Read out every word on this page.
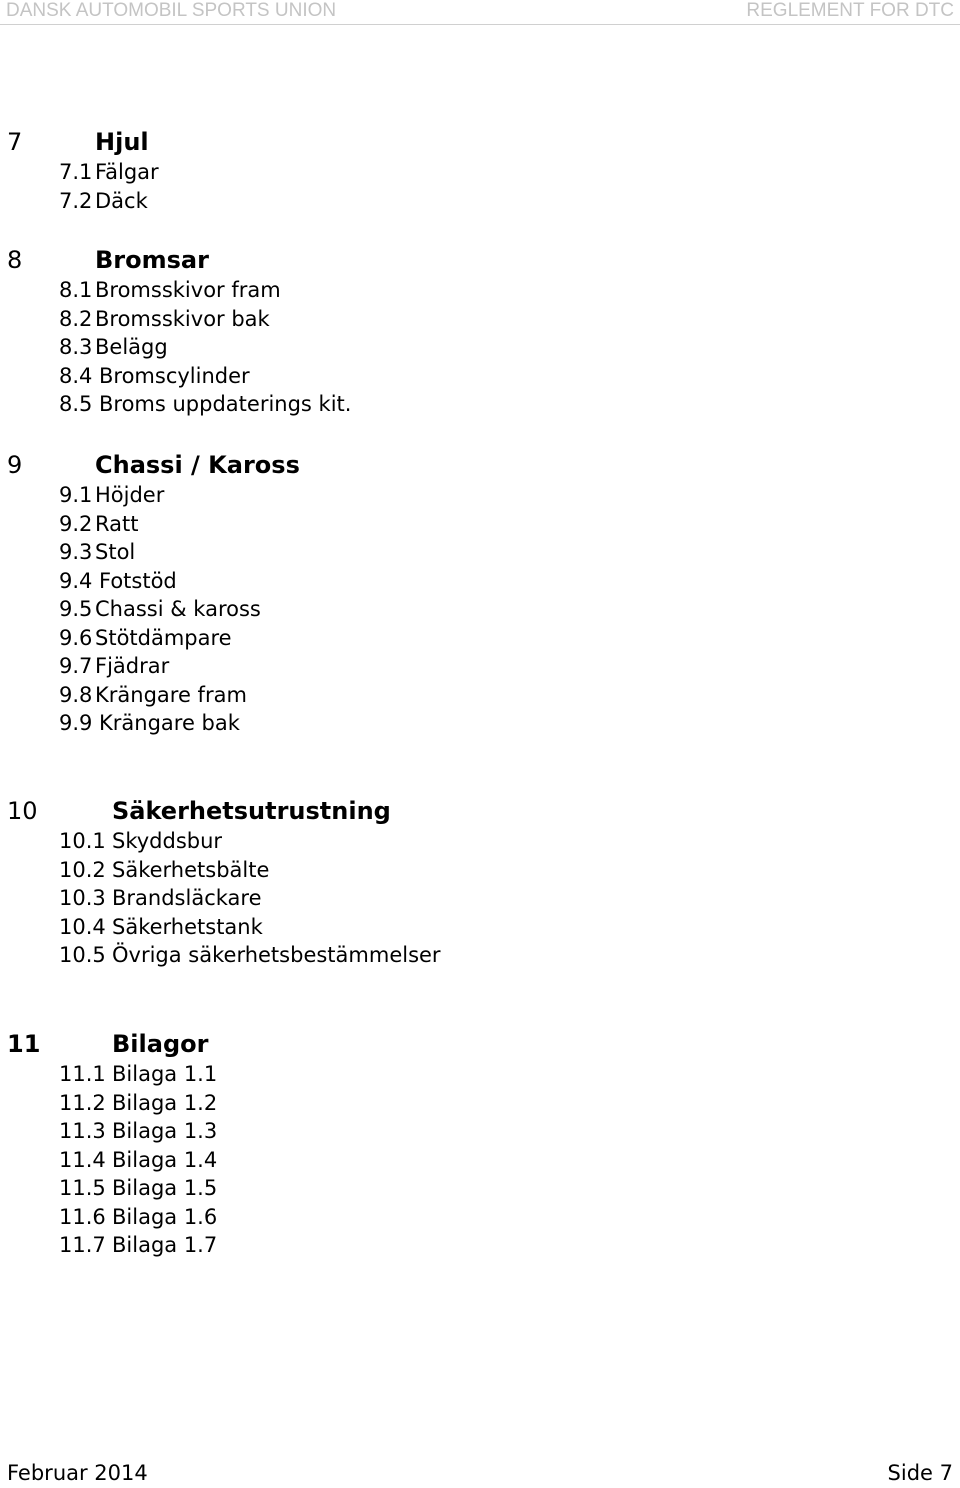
DANSK AUTOMOBIL SPORTS UNION	REGLEMENT FOR DTC
7	Hjul
7.1 Fälgar
7.2 Däck
8	Bromsar
8.1 Bromsskivor fram
8.2 Bromsskivor bak
8.3 Belägg
8.4 Bromscylinder
8.5 Broms uppdaterings kit.
9	Chassi / Kaross
9.1 Höjder
9.2 Ratt
9.3 Stol
9.4 Fotstöd
9.5 Chassi & kaross
9.6 Stötdämpare
9.7 Fjädrar
9.8 Krängare fram
9.9 Krängare bak
10	Säkerhetsutrustning
10.1 Skyddsbur
10.2 Säkerhetsbälte
10.3 Brandsläckare
10.4 Säkerhetstank
10.5 Övriga säkerhetsbestämmelser
11	Bilagor
11.1 Bilaga 1.1
11.2 Bilaga 1.2
11.3 Bilaga 1.3
11.4 Bilaga 1.4
11.5 Bilaga 1.5
11.6 Bilaga 1.6
11.7 Bilaga 1.7
Februar 2014	Side 7
